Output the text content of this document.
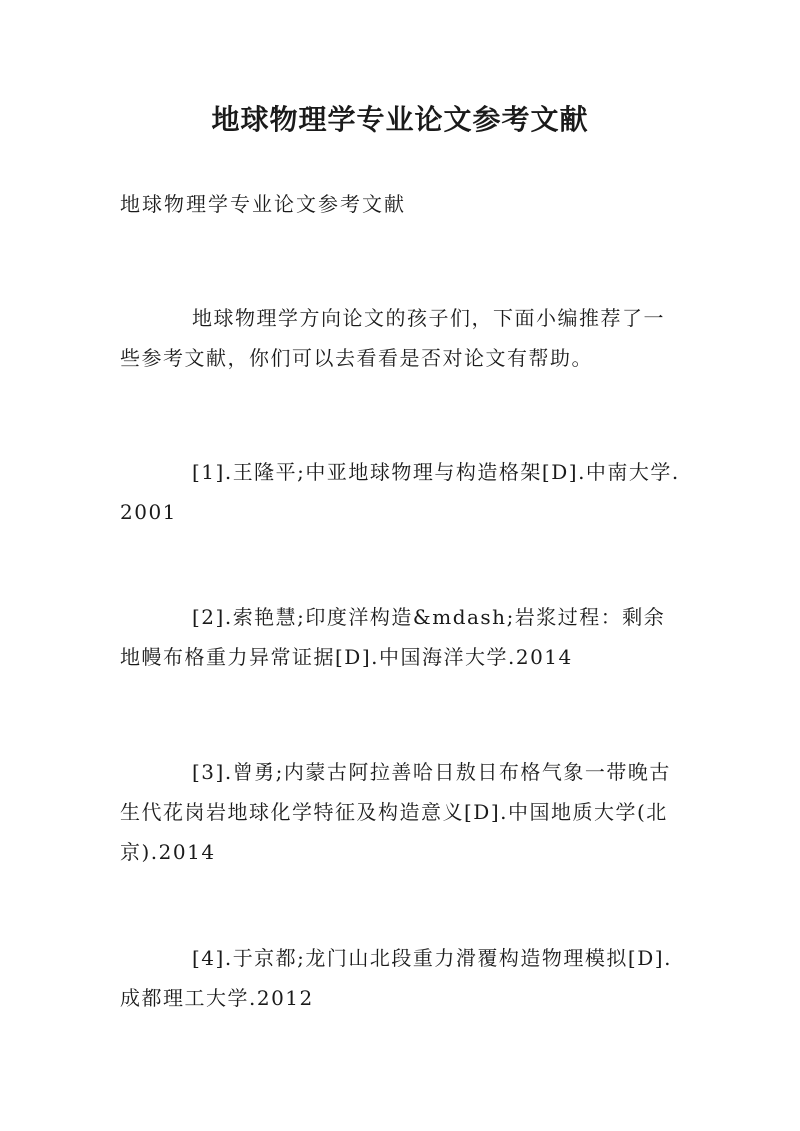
地球物理学专业论文参考文献
地球物理学专业论文参考文献
地球物理学方向论文的孩子们，下面小编推荐了一些参考文献，你们可以去看看是否对论文有帮助。
[1].王隆平;中亚地球物理与构造格架[D].中南大学.2001
[2].索艳慧;印度洋构造&mdash;岩浆过程：剩余地幔布格重力异常证据[D].中国海洋大学.2014
[3].曾勇;内蒙古阿拉善哈日敖日布格气象一带晚古生代花岗岩地球化学特征及构造意义[D].中国地质大学(北京).2014
[4].于京都;龙门山北段重力滑覆构造物理模拟[D].成都理工大学.2012
